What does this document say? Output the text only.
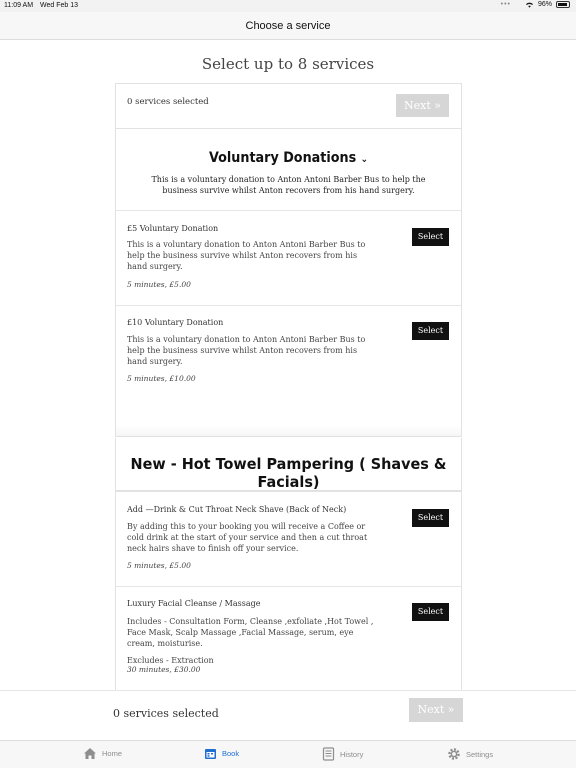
11:09 AM Wed Feb 13	•••	96%
Choose a service
Select up to 8 services
0 services selected	Next »
Voluntary Donations ⌄
This is a voluntary donation to Anton Antoni Barber Bus to help the business survive whilst Anton recovers from his hand surgery.
£5 Voluntary Donation
This is a voluntary donation to Anton Antoni Barber Bus to help the business survive whilst Anton recovers from his hand surgery.
5 minutes, £5.00
Select
£10 Voluntary Donation
This is a voluntary donation to Anton Antoni Barber Bus to help the business survive whilst Anton recovers from his hand surgery.
5 minutes, £10.00
Select
New - Hot Towel Pampering ( Shaves & Facials)
Add —Drink & Cut Throat Neck Shave (Back of Neck)
By adding this to your booking you will receive a Coffee or cold drink at the start of your service and then a cut throat neck hairs shave to finish off your service.
5 minutes, £5.00
Select
Luxury Facial Cleanse / Massage
Includes - Consultation Form, Cleanse ,exfoliate ,Hot Towel , Face Mask, Scalp Massage ,Facial Massage, serum, eye cream, moisturise.
Excludes - Extraction
30 minutes, £30.00
Select
0 services selected	Next »
Home	Book	History	Settings
